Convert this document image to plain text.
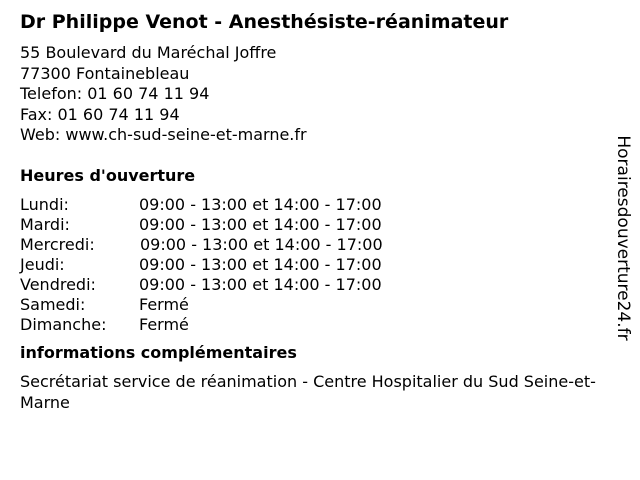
Dr Philippe Venot - Anesthésiste-réanimateur
55 Boulevard du Maréchal Joffre
77300 Fontainebleau
Telefon: 01 60 74 11 94
Fax: 01 60 74 11 94
Web: www.ch-sud-seine-et-marne.fr
Heures d'ouverture
Lundi:	09:00 - 13:00 et 14:00 - 17:00
Mardi:	09:00 - 13:00 et 14:00 - 17:00
Mercredi:	09:00 - 13:00 et 14:00 - 17:00
Jeudi:	09:00 - 13:00 et 14:00 - 17:00
Vendredi:	09:00 - 13:00 et 14:00 - 17:00
Samedi:	Fermé
Dimanche: Fermé
informations complémentaires
Secrétariat service de réanimation - Centre Hospitalier du Sud Seine-et-Marne
Horairesdouverture24.fr
